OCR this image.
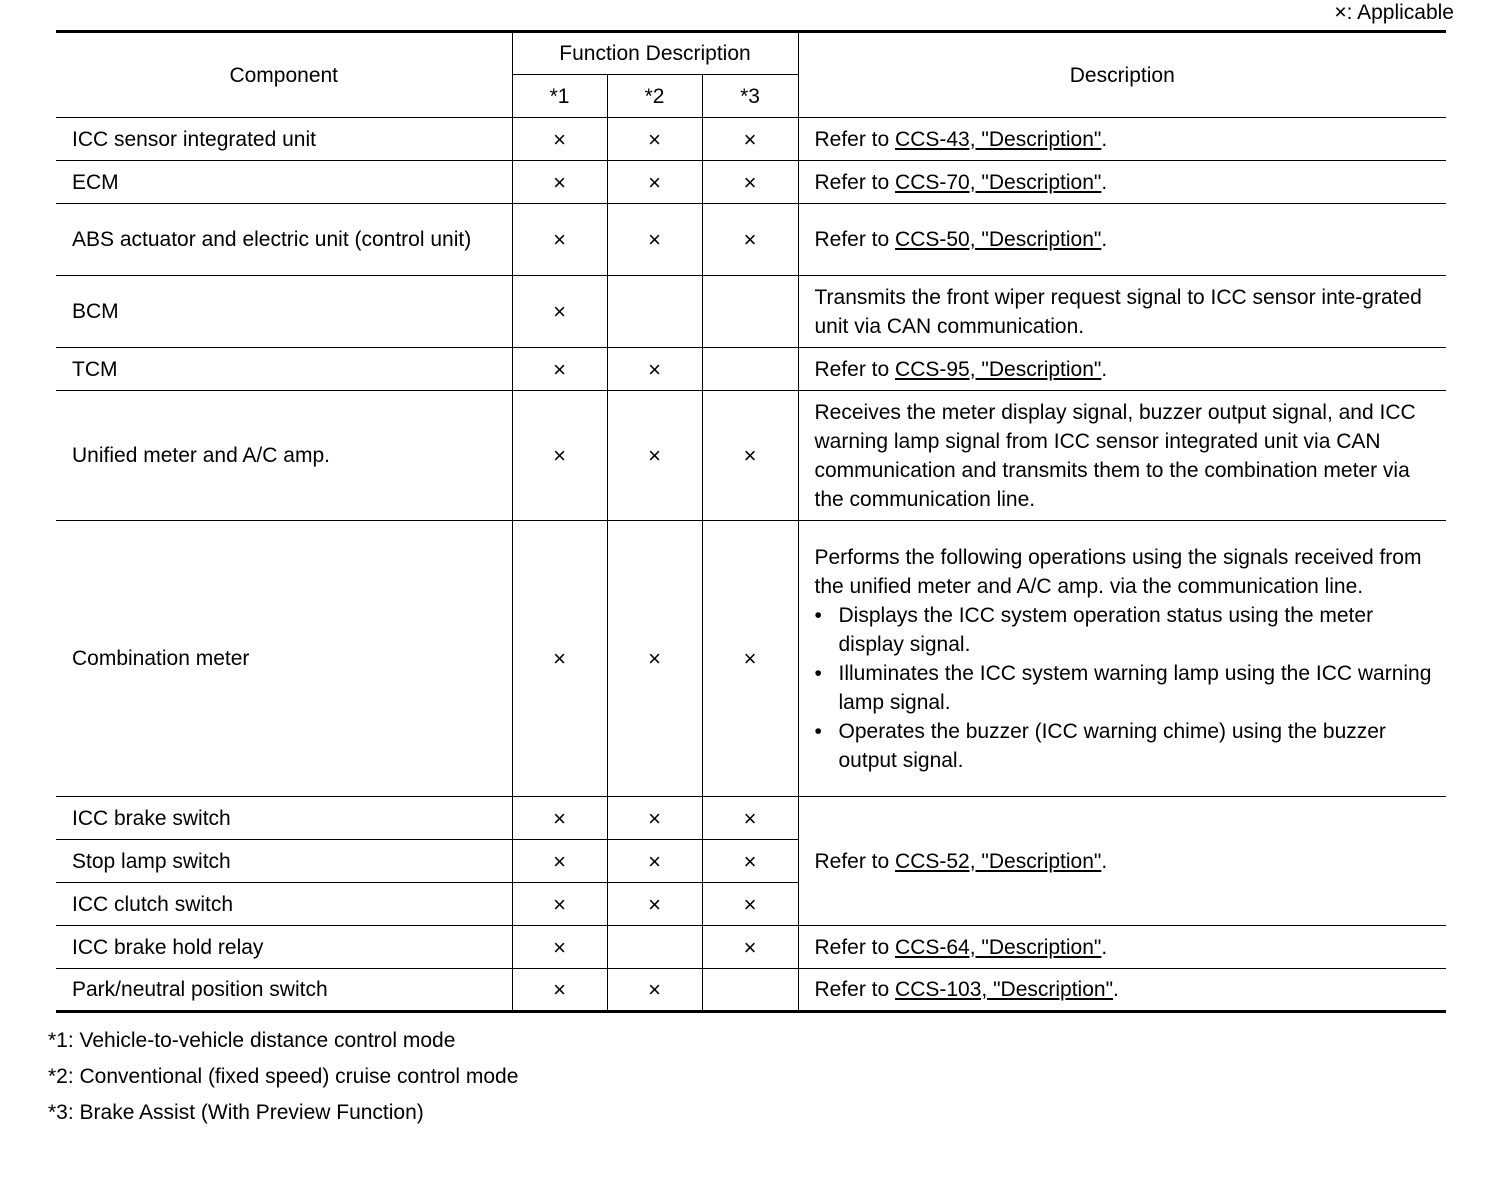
×: Applicable
Component	Function Description			Description
	*1	*2	*3	
ICC sensor integrated unit	×	×	×	Refer to CCS-43, "Description".
ECM	×	×	×	Refer to CCS-70, "Description".
ABS actuator and electric unit (control unit)	×	×	×	Refer to CCS-50, "Description".
BCM	×			Transmits the front wiper request signal to ICC sensor inte-grated unit via CAN communication.
TCM	×	×		Refer to CCS-95, "Description".
Unified meter and A/C amp.	×	×	×	Receives the meter display signal, buzzer output signal, and ICC warning lamp signal from ICC sensor integrated unit via CAN communication and transmits them to the combination meter via the communication line.
Combination meter	×	×	×	Performs the following operations using the signals received from the unified meter and A/C amp. via the communication line.
• Displays the ICC system operation status using the meter display signal.
• Illuminates the ICC system warning lamp using the ICC warning lamp signal.
• Operates the buzzer (ICC warning chime) using the buzzer output signal.

ICC brake switch	×	×	×	Refer to CCS-52, "Description".
Stop lamp switch	×	×	×	
ICC clutch switch	×	×	×	
ICC brake hold relay	×		×	Refer to CCS-64, "Description".
Park/neutral position switch	×	×		Refer to CCS-103, "Description".
*1: Vehicle-to-vehicle distance control mode
*2: Conventional (fixed speed) cruise control mode
*3: Brake Assist (With Preview Function)
